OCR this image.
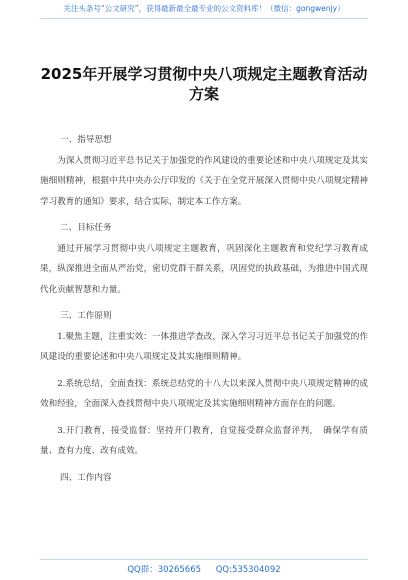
关注头条号“公文研究”，获得最新最全最专业的公文资料库！（微信：gongwenjy）
2025年开展学习贯彻中央八项规定主题教育活动
方案

一、指导思想

为深入贯彻习近平总书记关于加强党的作风建设的重要论述和中央八项规定及其实施细则精神，根据中共中央办公厅印发的《关于在全党开展深入贯彻中央八项规定精神学习教育的通知》要求，结合实际，制定本工作方案。

二、目标任务

通过开展学习贯彻中央八项规定主题教育，巩固深化主题教育和党纪学习教育成果，纵深推进全面从严治党，密切党群干群关系，巩固党的执政基础，为推进中国式现代化贡献智慧和力量。

三、工作原则

1.聚焦主题，注重实效：一体推进学查改，深入学习习近平总书记关于加强党的作风建设的重要论述和中央八项规定及其实施细则精神。

2.系统总结，全面查找：系统总结党的十八大以来深入贯彻中央八项规定精神的成效和经验，全面深入查找贯彻中央八项规定及其实施细则精神方面存在的问题。

3.开门教育，接受监督：坚持开门教育，自觉接受群众监督评判，　确保学有质量、查有力度、改有成效。

四、工作内容

QQ群：30265665 QQ:535304092
